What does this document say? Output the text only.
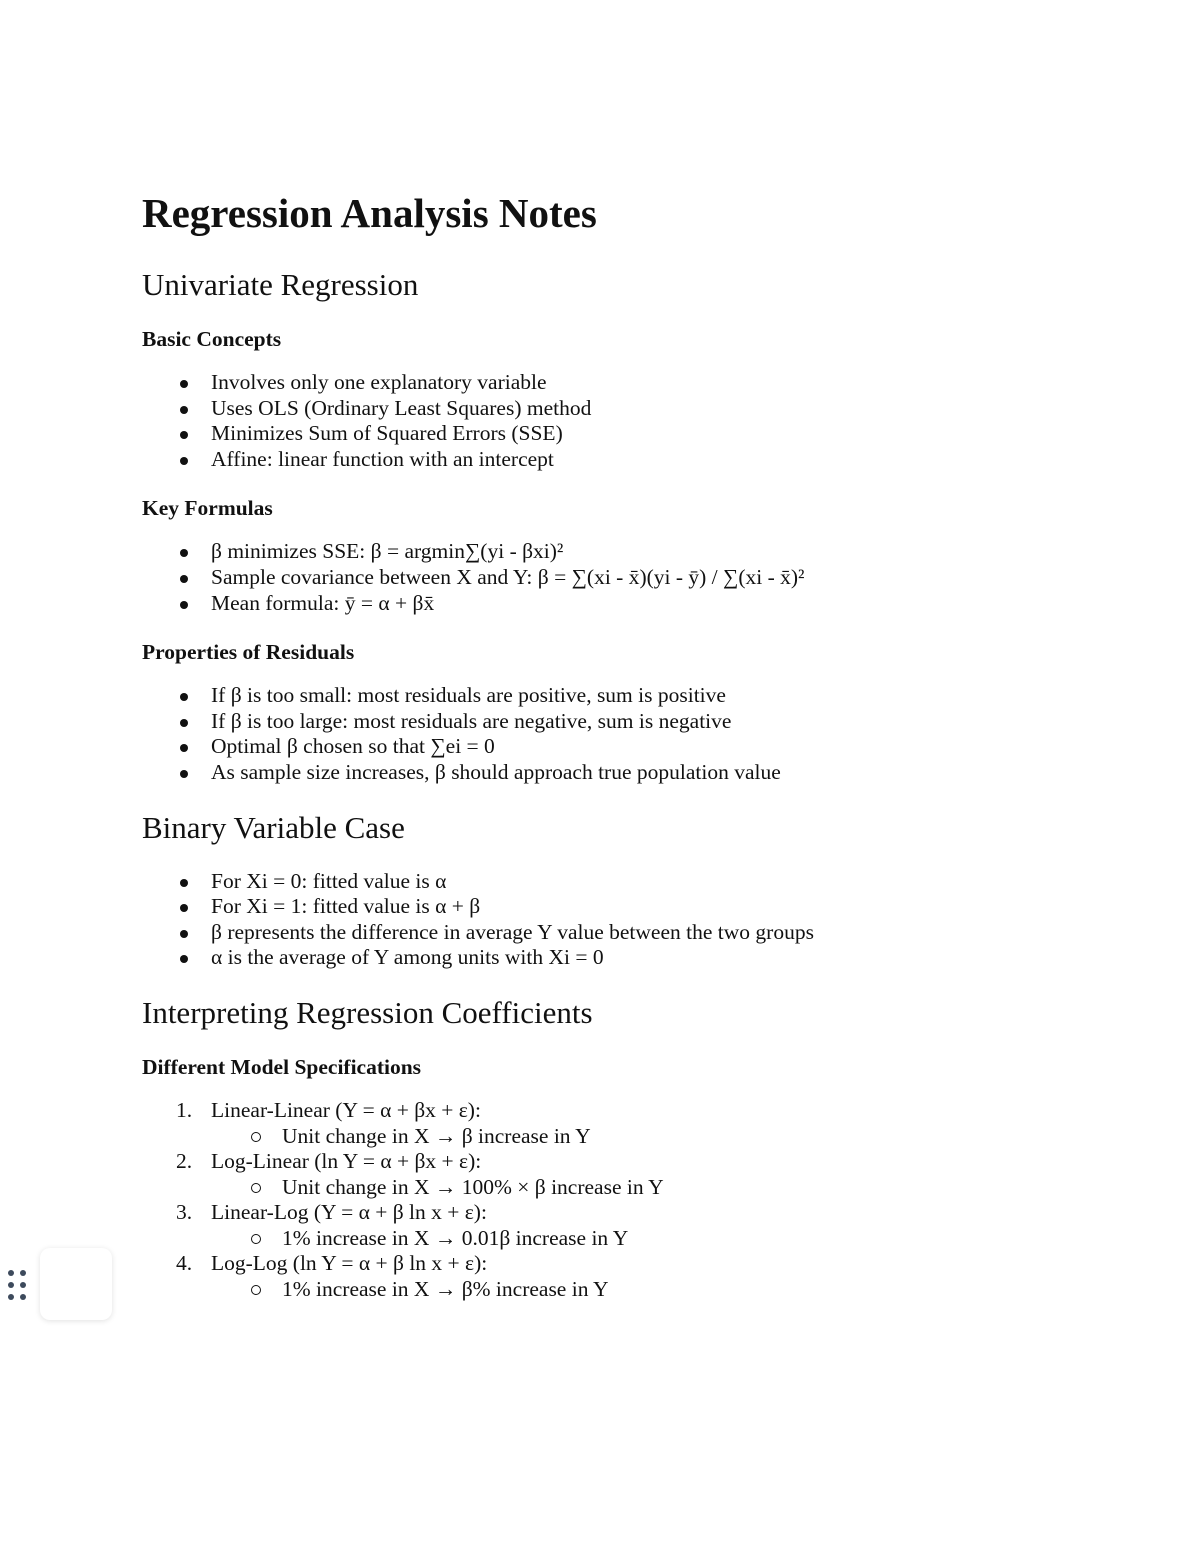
Regression Analysis Notes
Univariate Regression
Basic Concepts
Involves only one explanatory variable
Uses OLS (Ordinary Least Squares) method
Minimizes Sum of Squared Errors (SSE)
Affine: linear function with an intercept
Key Formulas
β minimizes SSE: β = argmin∑(yi - βxi)²
Sample covariance between X and Y: β = ∑(xi - x̄)(yi - ȳ) / ∑(xi - x̄)²
Mean formula: ȳ = α + βx̄
Properties of Residuals
If β is too small: most residuals are positive, sum is positive
If β is too large: most residuals are negative, sum is negative
Optimal β chosen so that ∑ei = 0
As sample size increases, β should approach true population value
Binary Variable Case
For Xi = 0: fitted value is α
For Xi = 1: fitted value is α + β
β represents the difference in average Y value between the two groups
α is the average of Y among units with Xi = 0
Interpreting Regression Coefficients
Different Model Specifications
1. Linear-Linear (Y = α + βx + ε):
Unit change in X → β increase in Y
2. Log-Linear (ln Y = α + βx + ε):
Unit change in X → 100% × β increase in Y
3. Linear-Log (Y = α + β ln x + ε):
1% increase in X → 0.01β increase in Y
4. Log-Log (ln Y = α + β ln x + ε):
1% increase in X → β% increase in Y
